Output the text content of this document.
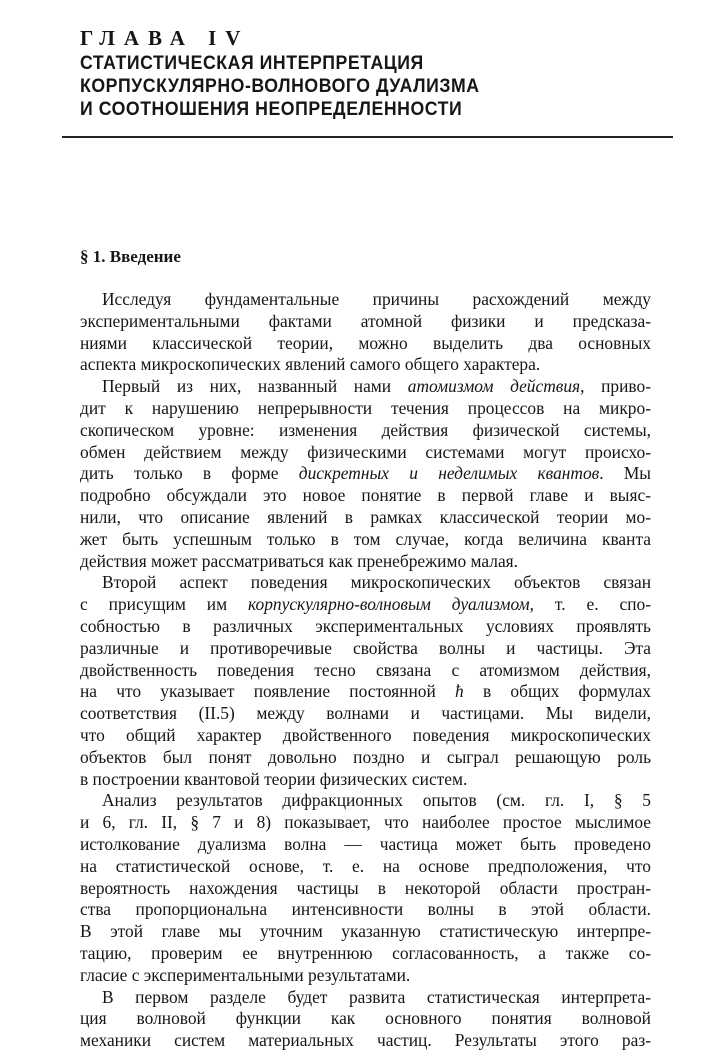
ГЛАВА IV
СТАТИСТИЧЕСКАЯ ИНТЕРПРЕТАЦИЯ
КОРПУСКУЛЯРНО-ВОЛНОВОГО ДУАЛИЗМА
И СООТНОШЕНИЯ НЕОПРЕДЕЛЕННОСТИ
§ 1. Введение
Исследуя фундаментальные причины расхождений между
экспериментальными фактами атомной физики и предсказа-
ниями классической теории, можно выделить два основных
аспекта микроскопических явлений самого общего характера.
Первый из них, названный нами атомизмом действия, приво-
дит к нарушению непрерывности течения процессов на микро-
скопическом уровне: изменения действия физической системы,
обмен действием между физическими системами могут происхо-
дить только в форме дискретных и неделимых квантов. Мы
подробно обсуждали это новое понятие в первой главе и выяс-
нили, что описание явлений в рамках классической теории мо-
жет быть успешным только в том случае, когда величина кванта
действия может рассматриваться как пренебрежимо малая.
Второй аспект поведения микроскопических объектов связан
с присущим им корпускулярно-волновым дуализмом, т. е. спо-
собностью в различных экспериментальных условиях проявлять
различные и противоречивые свойства волны и частицы. Эта
двойственность поведения тесно связана с атомизмом действия,
на что указывает появление постоянной ħ в общих формулах
соответствия (II.5) между волнами и частицами. Мы видели,
что общий характер двойственного поведения микроскопических
объектов был понят довольно поздно и сыграл решающую роль
в построении квантовой теории физических систем.
Анализ результатов дифракционных опытов (см. гл. I, § 5
и 6, гл. II, § 7 и 8) показывает, что наиболее простое мыслимое
истолкование дуализма волна — частица может быть проведено
на статистической основе, т. е. на основе предположения, что
вероятность нахождения частицы в некоторой области простран-
ства пропорциональна интенсивности волны в этой области.
В этой главе мы уточним указанную статистическую интерпре-
тацию, проверим ее внутреннюю согласованность, а также со-
гласие с экспериментальными результатами.
В первом разделе будет развита статистическая интерпрета-
ция волновой функции как основного понятия волновой
механики систем материальных частиц. Результаты этого раз-
